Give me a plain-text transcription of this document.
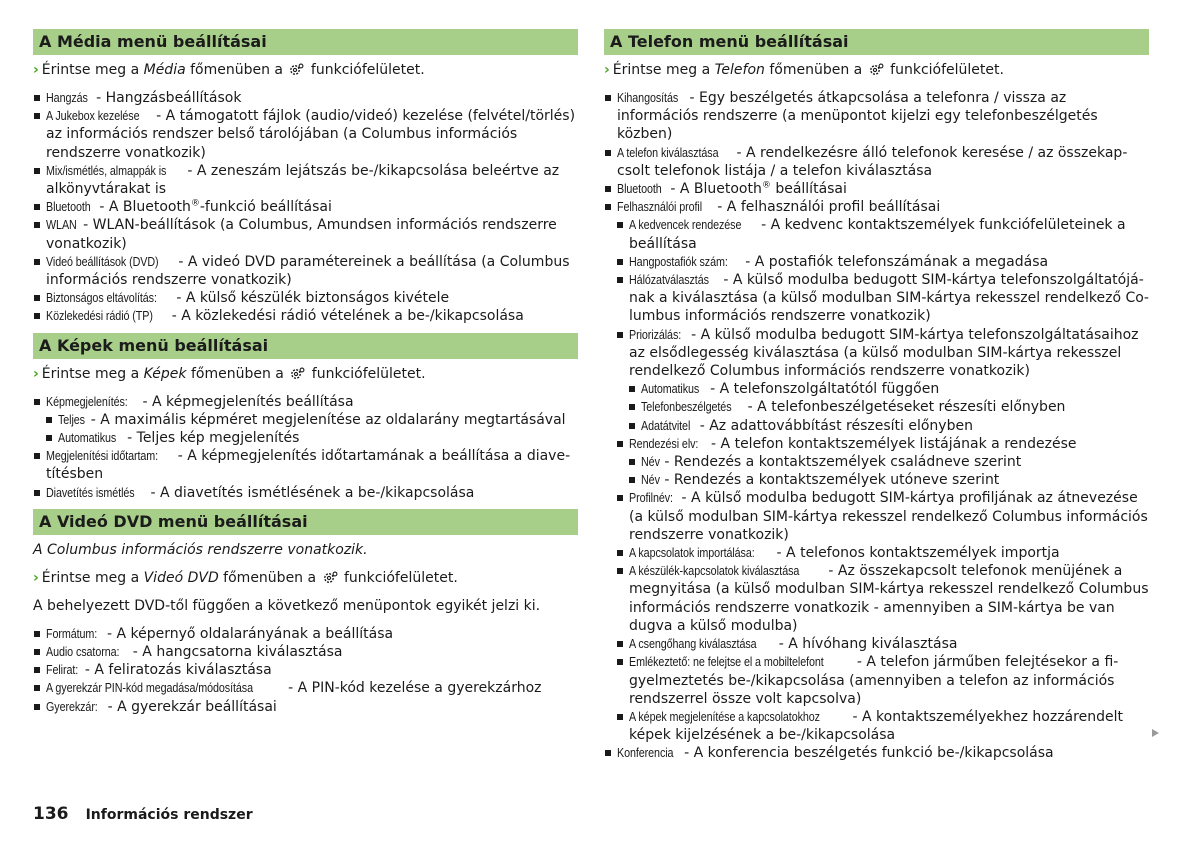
A Média menü beállításai
› Érintse meg a Média főmenüben a  funkciófelületet.
Hangzás - Hangzásbeállítások
A Jukebox kezelése - A támogatott fájlok (audio/videó) kezelése (felvétel/törlés) az információs rendszer belső tárolójában (a Columbus információs rendszerre vonatkozik)
Mix/ismétlés, almappák is - A zeneszám lejátszás be-/kikapcsolása beleértve az alkönyvtárakat is
Bluetooth - A Bluetooth®-funkció beállításai
WLAN - WLAN-beállítások (a Columbus, Amundsen információs rendszerre vonatkozik)
Videó beállítások (DVD) - A videó DVD paramétereinek a beállítása (a Columbus információs rendszerre vonatkozik)
Biztonságos eltávolítás: - A külső készülék biztonságos kivétele
Közlekedési rádió (TP) - A közlekedési rádió vételének a be-/kikapcsolása
A Képek menü beállításai
› Érintse meg a Képek főmenüben a  funkciófelületet.
Képmegjelenítés: - A képmegjelenítés beállítása
Teljes - A maximális képméret megjelenítése az oldalarány megtartásával
Automatikus - Teljes kép megjelenítés
Megjelenítési időtartam: - A képmegjelenítés időtartamának a beállítása a diavetítésben
Diavetítés ismétlés - A diavetítés ismétlésének a be-/kikapcsolása
A Videó DVD menü beállításai
A Columbus információs rendszerre vonatkozik.
› Érintse meg a Videó DVD főmenüben a  funkciófelületet.
A behelyezett DVD-től függően a következő menüpontok egyikét jelzi ki.
Formátum: - A képernyő oldalarányának a beállítása
Audio csatorna: - A hangcsatorna kiválasztása
Felirat: - A feliratozás kiválasztása
A gyerekzár PIN-kód megadása/módosítása - A PIN-kód kezelése a gyerekzárhoz
Gyerekzár: - A gyerekzár beállításai
A Telefon menü beállításai
› Érintse meg a Telefon főmenüben a  funkciófelületet.
Kihangosítás - Egy beszélgetés átkapcsolása a telefonra / vissza az információs rendszerre (a menüpontot kijelzi egy telefonbeszélgetés közben)
A telefon kiválasztása - A rendelkezésre álló telefonok keresése / az összekapcsolt telefonok listája / a telefon kiválasztása
Bluetooth - A Bluetooth® beállításai
Felhasználói profil - A felhasználói profil beállításai
A kedvencek rendezése - A kedvenc kontaktszemélyek funkciófelületeinek a beállítása
Hangpostafiók szám: - A postafiók telefonszámának a megadása
Hálózatválasztás - A külső modulba bedugott SIM-kártya telefonszolgáltatójának a kiválasztása (a külső modulban SIM-kártya rekesszel rendelkező Columbus információs rendszerre vonatkozik)
Priorizálás: - A külső modulba bedugott SIM-kártya telefonszolgáltatásaihoz az elsődlegesség kiválasztása (a külső modulban SIM-kártya rekesszel rendelkező Columbus információs rendszerre vonatkozik)
Automatikus - A telefonszolgáltatótól függően
Telefonbeszélgetés - A telefonbeszélgetéseket részesíti előnyben
Adatátvitel - Az adattovábbítást részesíti előnyben
Rendezési elv: - A telefon kontaktszemélyek listájának a rendezése
Név - Rendezés a kontaktszemélyek családneve szerint
Név - Rendezés a kontaktszemélyek utóneve szerint
Profilnév: - A külső modulba bedugott SIM-kártya profiljának az átnevezése (a külső modulban SIM-kártya rekesszel rendelkező Columbus információs rendszerre vonatkozik)
A kapcsolatok importálása: - A telefonos kontaktszemélyek importja
A készülék-kapcsolatok kiválasztása - Az összekapcsolt telefonok menüjének a megnyitása (a külső modulban SIM-kártya rekesszel rendelkező Columbus információs rendszerre vonatkozik - amennyiben a SIM-kártya be van dugva a külső modulba)
A csengőhang kiválasztása - A hívóhang kiválasztása
Emlékeztető: ne felejtse el a mobiltelefont - A telefon járműben felejtésekor a figyelmeztetés be-/kikapcsolása (amennyiben a telefon az információs rendszerrel össze volt kapcsolva)
A képek megjelenítése a kapcsolatokhoz - A kontaktszemélyekhez hozzárendelt képek kijelzésének a be-/kikapcsolása
Konferencia - A konferencia beszélgetés funkció be-/kikapcsolása
136 Információs rendszer
